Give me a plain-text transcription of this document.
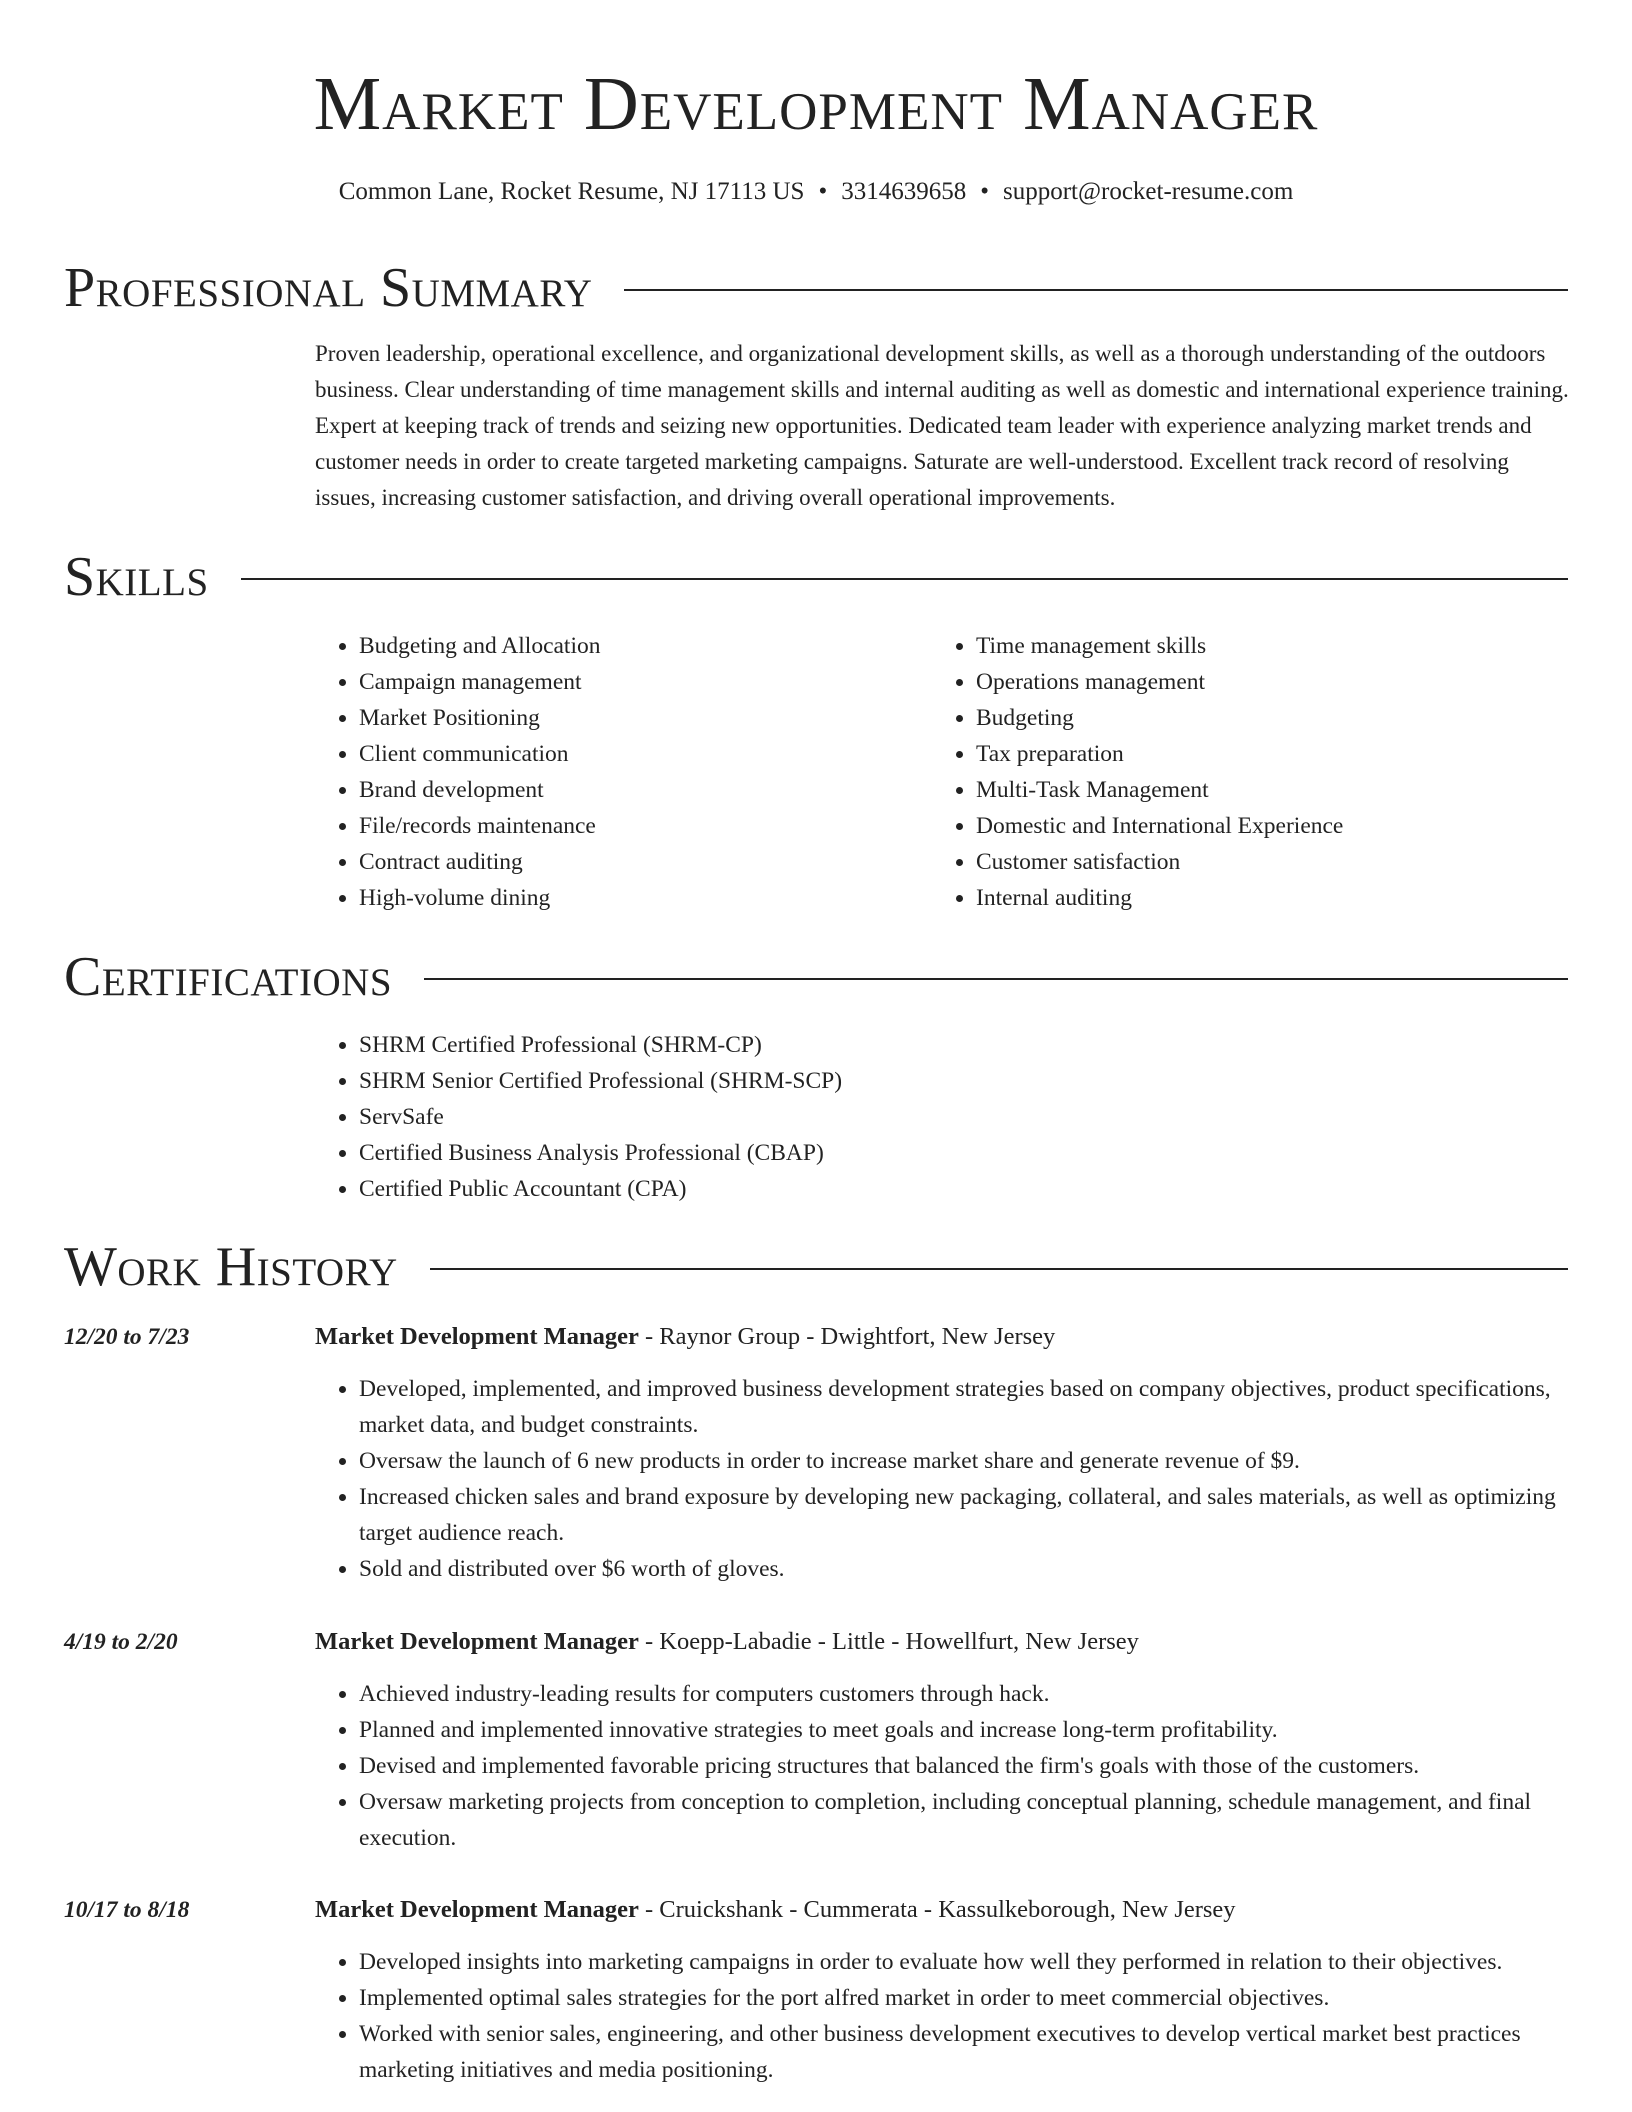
Market Development Manager
Common Lane, Rocket Resume, NJ 17113 US • 3314639658 • support@rocket-resume.com
Professional Summary

Proven leadership, operational excellence, and organizational development skills, as well as a thorough understanding of the outdoors business. Clear understanding of time management skills and internal auditing as well as domestic and international experience training. Expert at keeping track of trends and seizing new opportunities. Dedicated team leader with experience analyzing market trends and customer needs in order to create targeted marketing campaigns. Saturate are well-understood. Excellent track record of resolving issues, increasing customer satisfaction, and driving overall operational improvements.

Skills
• Budgeting and Allocation
• Campaign management
• Market Positioning
• Client communication
• Brand development
• File/records maintenance
• Contract auditing
• High-volume dining
• Time management skills
• Operations management
• Budgeting
• Tax preparation
• Multi-Task Management
• Domestic and International Experience
• Customer satisfaction
• Internal auditing
Certifications
• SHRM Certified Professional (SHRM-CP)
• SHRM Senior Certified Professional (SHRM-SCP)
• ServSafe
• Certified Business Analysis Professional (CBAP)
• Certified Public Accountant (CPA)
Work History
12/20 to 7/23	Market Development Manager - Raynor Group - Dwightfort, New Jersey
• Developed, implemented, and improved business development strategies based on company objectives, product specifications, market data, and budget constraints.
• Oversaw the launch of 6 new products in order to increase market share and generate revenue of $9.
• Increased chicken sales and brand exposure by developing new packaging, collateral, and sales materials, as well as optimizing target audience reach.
• Sold and distributed over $6 worth of gloves.
4/19 to 2/20	Market Development Manager - Koepp-Labadie - Little - Howellfurt, New Jersey
• Achieved industry-leading results for computers customers through hack.
• Planned and implemented innovative strategies to meet goals and increase long-term profitability.
• Devised and implemented favorable pricing structures that balanced the firm's goals with those of the customers.
• Oversaw marketing projects from conception to completion, including conceptual planning, schedule management, and final execution.
10/17 to 8/18	Market Development Manager - Cruickshank - Cummerata - Kassulkeborough, New Jersey
• Developed insights into marketing campaigns in order to evaluate how well they performed in relation to their objectives.
• Implemented optimal sales strategies for the port alfred market in order to meet commercial objectives.
• Worked with senior sales, engineering, and other business development executives to develop vertical market best practices marketing initiatives and media positioning.
